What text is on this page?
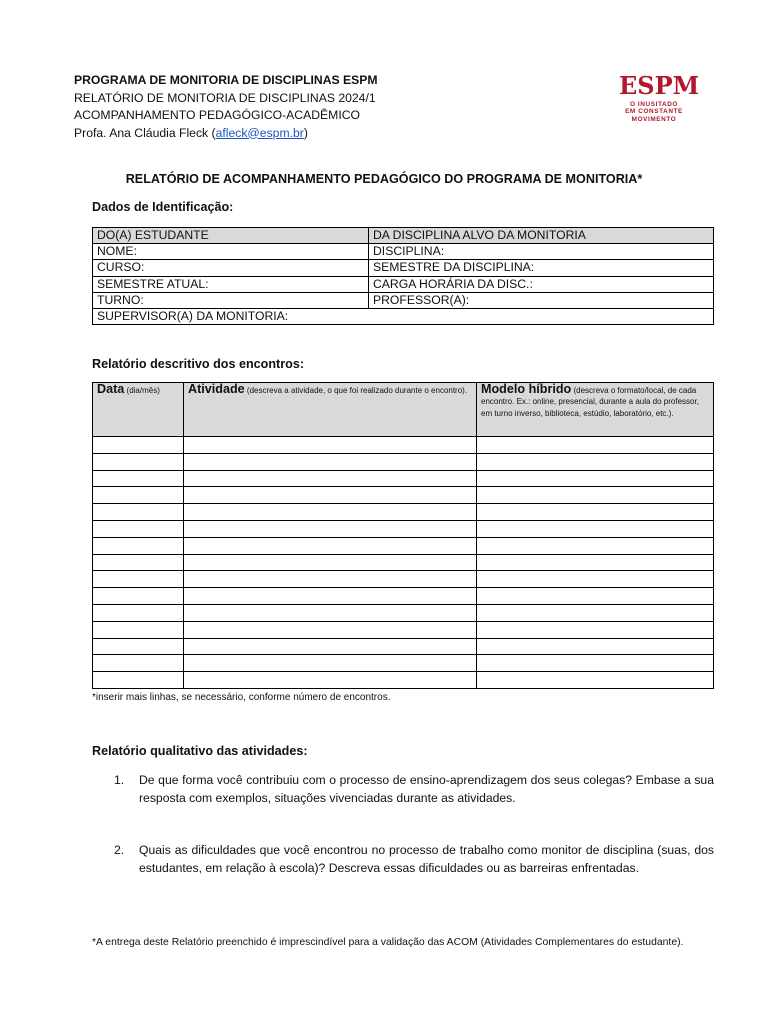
PROGRAMA DE MONITORIA DE DISCIPLINAS ESPM
RELATÓRIO DE MONITORIA DE DISCIPLINAS 2024/1
ACOMPANHAMENTO PEDAGÓGICO-ACADÊMICO
Profa. Ana Cláudia Fleck (afleck@espm.br)
ESPM
O INUSITADO
EM CONSTANTE
MOVIMENTO
RELATÓRIO DE ACOMPANHAMENTO PEDAGÓGICO DO PROGRAMA DE MONITORIA*
Dados de Identificação:
DO(A) ESTUDANTE	DA DISCIPLINA ALVO DA MONITORIA
NOME:	DISCIPLINA:
CURSO:	SEMESTRE DA DISCIPLINA:
SEMESTRE ATUAL:	CARGA HORÁRIA DA DISC.:
TURNO:	PROFESSOR(A):
SUPERVISOR(A) DA MONITORIA:	
Relatório descritivo dos encontros:
Data (dia/mês)	Atividade (descreva a atividade, o que foi realizado durante o encontro).	Modelo híbrido (descreva o formato/local, de cada encontro. Ex.: online, presencial, durante a aula do professor, em turno inverso, biblioteca, estúdio, laboratório, etc.).

*inserir mais linhas, se necessário, conforme número de encontros.
Relatório qualitativo das atividades:
1. De que forma você contribuiu com o processo de ensino-aprendizagem dos seus colegas? Embase a sua resposta com exemplos, situações vivenciadas durante as atividades.
2. Quais as dificuldades que você encontrou no processo de trabalho como monitor de disciplina (suas, dos estudantes, em relação à escola)? Descreva essas dificuldades ou as barreiras enfrentadas.
*A entrega deste Relatório preenchido é imprescindível para a validação das ACOM (Atividades Complementares do estudante).
